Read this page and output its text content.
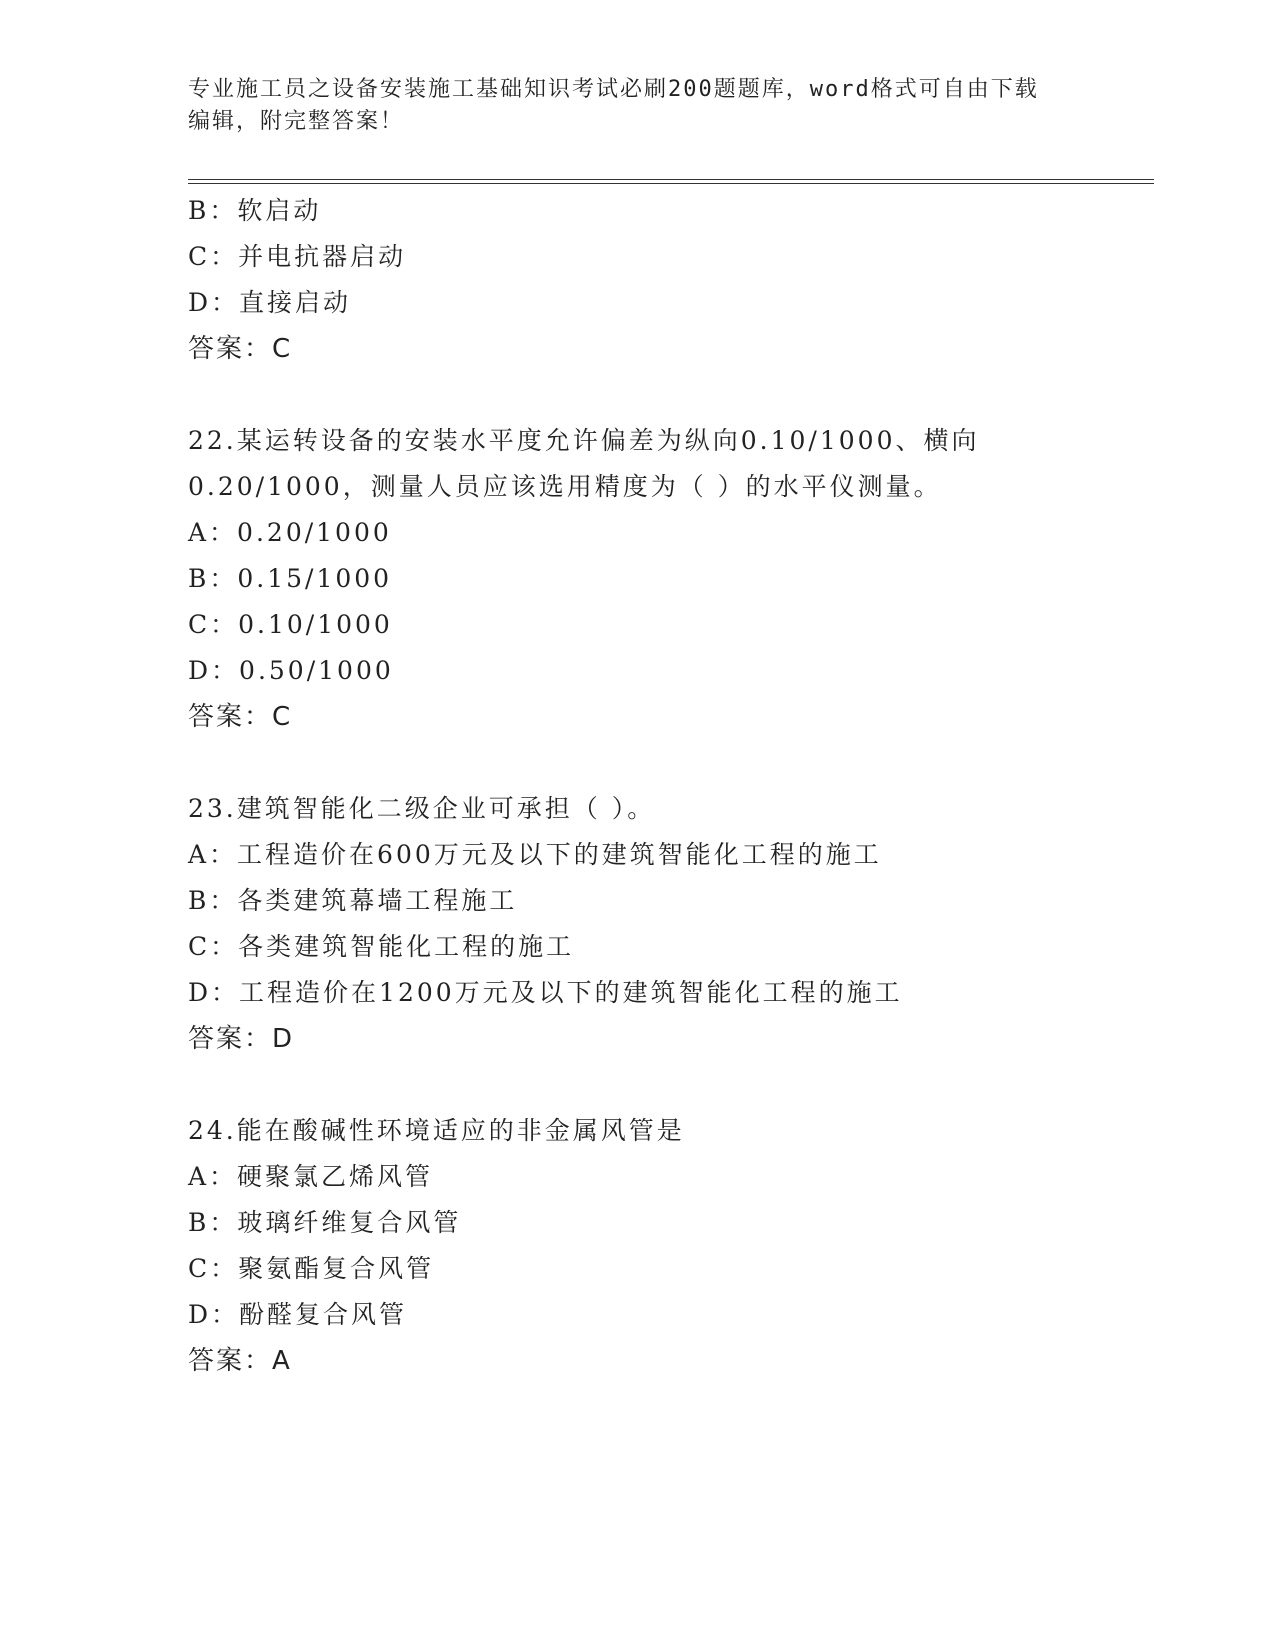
专业施工员之设备安装施工基础知识考试必刷200题题库，word格式可自由下载
编辑，附完整答案！
B：软启动
C：并电抗器启动
D：直接启动
答案：C
22.某运转设备的安装水平度允许偏差为纵向0.10/1000、横向
0.20/1000，测量人员应该选用精度为（ ）的水平仪测量。
A：0.20/1000
B：0.15/1000
C：0.10/1000
D：0.50/1000
答案：C
23.建筑智能化二级企业可承担（ ）。
A：工程造价在600万元及以下的建筑智能化工程的施工
B：各类建筑幕墙工程施工
C：各类建筑智能化工程的施工
D：工程造价在1200万元及以下的建筑智能化工程的施工
答案：D
24.能在酸碱性环境适应的非金属风管是
A：硬聚氯乙烯风管
B：玻璃纤维复合风管
C：聚氨酯复合风管
D：酚醛复合风管
答案：A
